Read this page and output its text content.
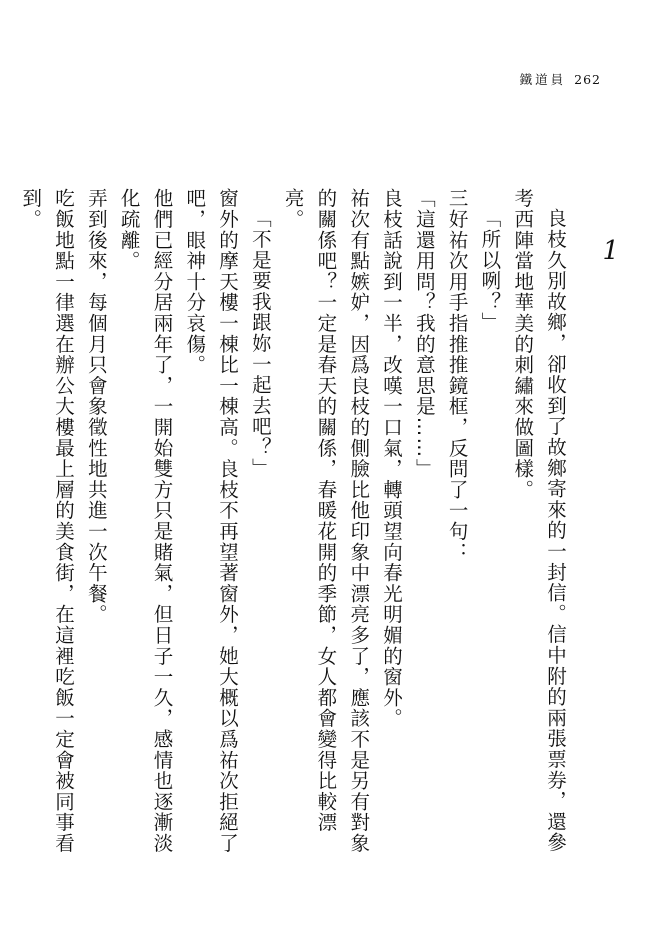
鐵道員 262
1

良枝久別故鄉，卻收到了故鄉寄來的一封信。信中附的兩張票券，還參考西陣當地華美的刺繡來做圖樣。

「所以咧？」

三好祐次用手指推推鏡框，反問了一句：

「這還用問？我的意思是……」

良枝話說到一半，改嘆一口氣，轉頭望向春光明媚的窗外。

祐次有點嫉妒，因爲良枝的側臉比他印象中漂亮多了，應該不是另有對象的關係吧？一定是春天的關係，春暖花開的季節，女人都會變得比較漂亮。

「不是要我跟妳一起去吧？」

窗外的摩天樓一棟比一棟高。良枝不再望著窗外，她大概以爲祐次拒絕了吧，眼神十分哀傷。

他們已經分居兩年了，一開始雙方只是賭氣，但日子一久，感情也逐漸淡化疏離。

弄到後來，每個月只會象徵性地共進一次午餐。

吃飯地點一律選在辦公大樓最上層的美食街，在這裡吃飯一定會被同事看到。
